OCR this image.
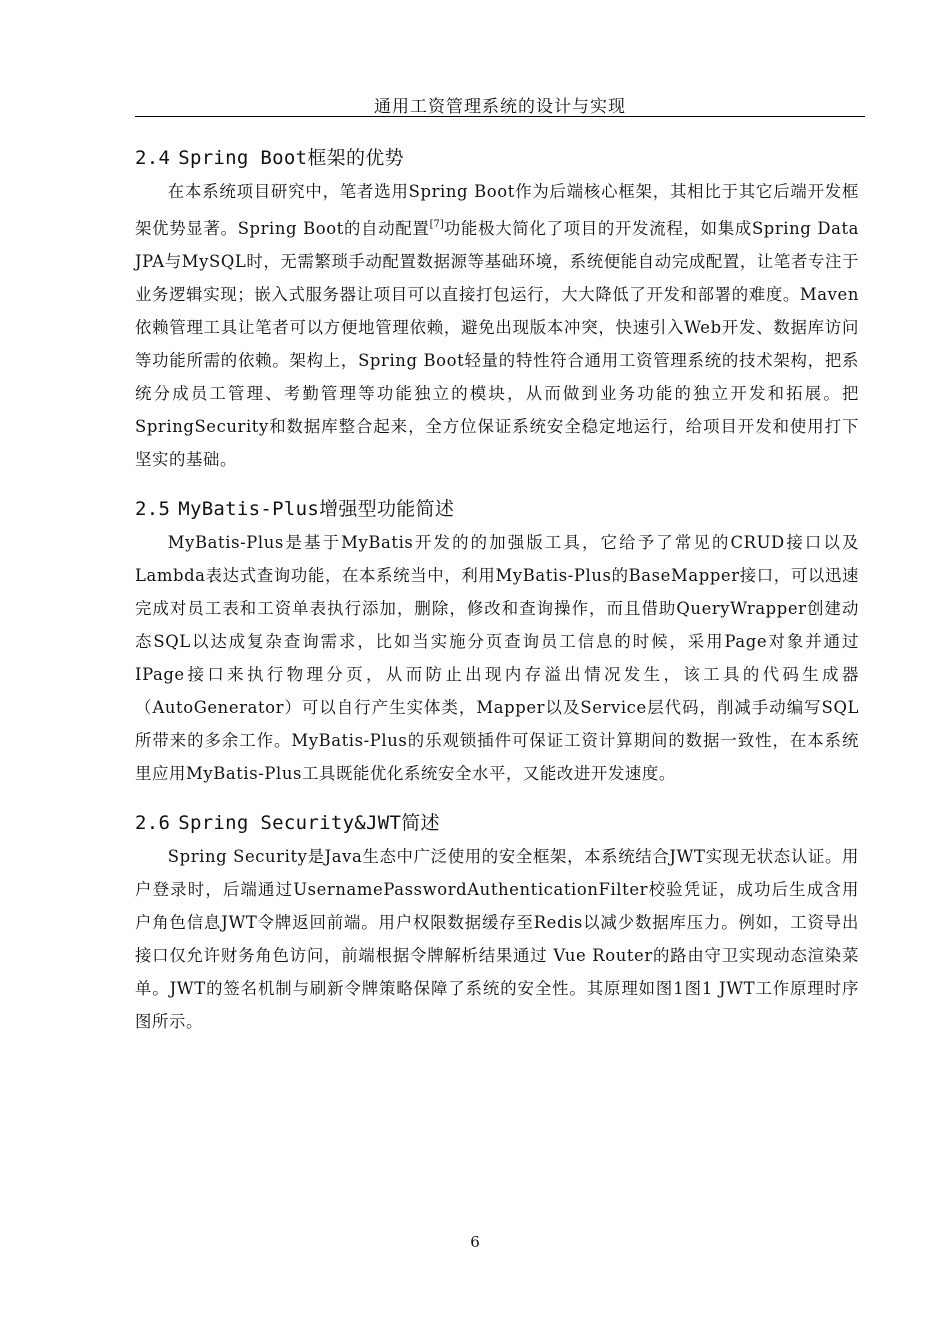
通用工资管理系统的设计与实现
2.4 Spring Boot框架的优势

在本系统项目研究中，笔者选用Spring Boot作为后端核心框架，其相比于其它后端开发框架优势显著。Spring Boot的自动配置[7]功能极大简化了项目的开发流程，如集成Spring Data JPA与MySQL时，无需繁琐手动配置数据源等基础环境，系统便能自动完成配置，让笔者专注于业务逻辑实现；嵌入式服务器让项目可以直接打包运行，大大降低了开发和部署的难度。Maven依赖管理工具让笔者可以方便地管理依赖，避免出现版本冲突，快速引入Web开发、数据库访问等功能所需的依赖。架构上，Spring Boot轻量的特性符合通用工资管理系统的技术架构，把系统分成员工管理、考勤管理等功能独立的模块，从而做到业务功能的独立开发和拓展。把SpringSecurity和数据库整合起来，全方位保证系统安全稳定地运行，给项目开发和使用打下坚实的基础。

2.5 MyBatis-Plus增强型功能简述

MyBatis-Plus是基于MyBatis开发的的加强版工具，它给予了常见的CRUD接口以及Lambda表达式查询功能，在本系统当中，利用MyBatis-Plus的BaseMapper接口，可以迅速完成对员工表和工资单表执行添加，删除，修改和查询操作，而且借助QueryWrapper创建动态SQL以达成复杂查询需求，比如当实施分页查询员工信息的时候，采用Page对象并通过IPage接口来执行物理分页，从而防止出现内存溢出情况发生，该工具的代码生成器（AutoGenerator）可以自行产生实体类，Mapper以及Service层代码，削减手动编写SQL所带来的多余工作。MyBatis-Plus的乐观锁插件可保证工资计算期间的数据一致性，在本系统里应用MyBatis-Plus工具既能优化系统安全水平，又能改进开发速度。

2.6 Spring Security&JWT简述

Spring Security是Java生态中广泛使用的安全框架，本系统结合JWT实现无状态认证。用户登录时，后端通过UsernamePasswordAuthenticationFilter校验凭证，成功后生成含用户角色信息JWT令牌返回前端。用户权限数据缓存至Redis以减少数据库压力。例如，工资导出接口仅允许财务角色访问，前端根据令牌解析结果通过 Vue Router的路由守卫实现动态渲染菜单。JWT的签名机制与刷新令牌策略保障了系统的安全性。其原理如图1图1 JWT工作原理时序图所示。

6
